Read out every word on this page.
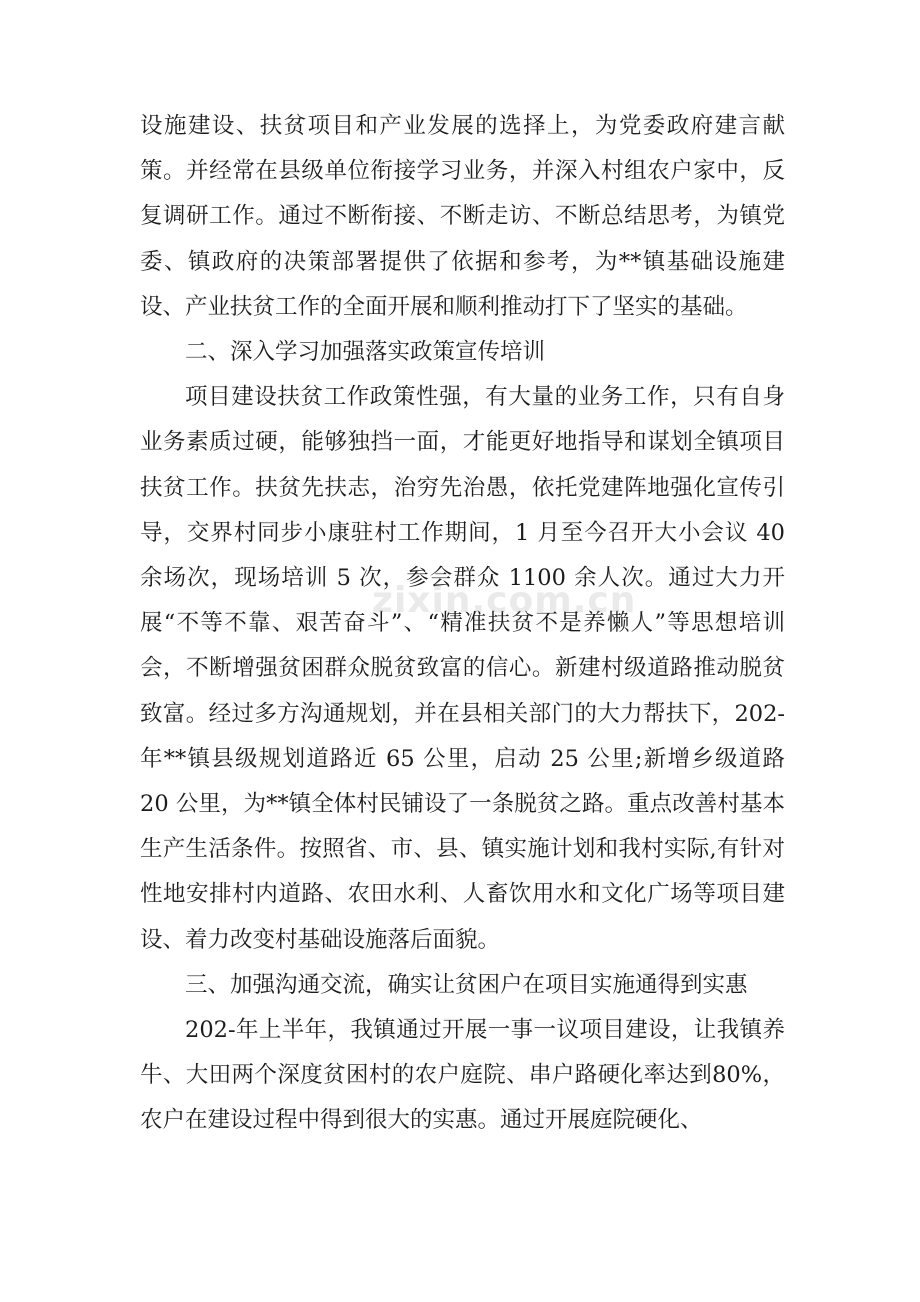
设施建设、扶贫项目和产业发展的选择上，为党委政府建言献策。并经常在县级单位衔接学习业务，并深入村组农户家中，反复调研工作。通过不断衔接、不断走访、不断总结思考，为镇党委、镇政府的决策部署提供了依据和参考，为**镇基础设施建设、产业扶贫工作的全面开展和顺利推动打下了坚实的基础。

二、深入学习加强落实政策宣传培训

项目建设扶贫工作政策性强，有大量的业务工作，只有自身业务素质过硬，能够独挡一面，才能更好地指导和谋划全镇项目扶贫工作。扶贫先扶志，治穷先治愚，依托党建阵地强化宣传引导，交界村同步小康驻村工作期间，1 月至今召开大小会议 40 余场次，现场培训 5 次，参会群众 1100 余人次。通过大力开展“不等不靠、艰苦奋斗”、“精准扶贫不是养懒人”等思想培训会，不断增强贫困群众脱贫致富的信心。新建村级道路推动脱贫致富。经过多方沟通规划，并在县相关部门的大力帮扶下，202-年**镇县级规划道路近 65 公里，启动 25 公里;新增乡级道路 20 公里，为**镇全体村民铺设了一条脱贫之路。重点改善村基本生产生活条件。按照省、市、县、镇实施计划和我村实际,有针对性地安排村内道路、农田水利、人畜饮用水和文化广场等项目建设、着力改变村基础设施落后面貌。

三、加强沟通交流，确实让贫困户在项目实施通得到实惠

202-年上半年，我镇通过开展一事一议项目建设，让我镇养牛、大田两个深度贫困村的农户庭院、串户路硬化率达到80%，农户在建设过程中得到很大的实惠。通过开展庭院硬化、

zixin.com.cn
